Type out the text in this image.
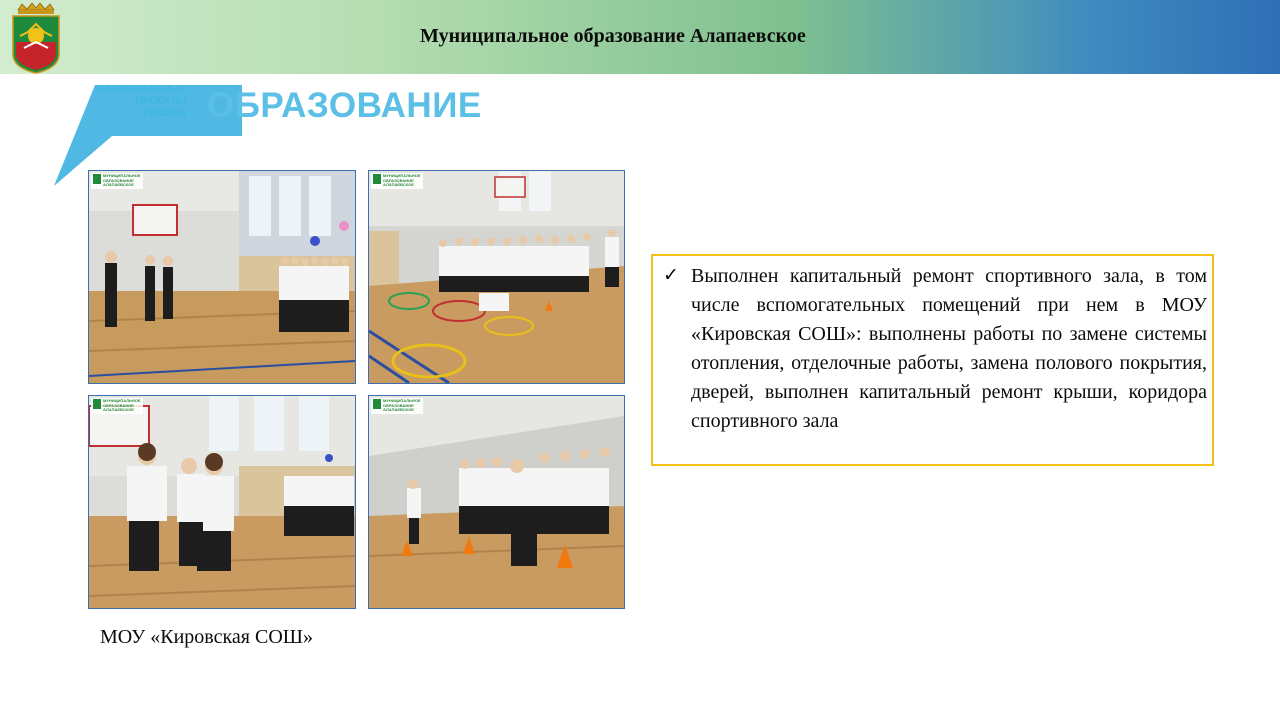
Муниципальное образование Алапаевское
НАЦИОНАЛЬНЫЕ
ПРОЕКТЫ
РОССИИ ОБРАЗОВАНИЕ
МУНИЦИПАЛЬНОЕ
ОБРАЗОВАНИЕ
АЛАПАЕВСКОЕ
МУНИЦИПАЛЬНОЕ
ОБРАЗОВАНИЕ
АЛАПАЕВСКОЕ
МУНИЦИПАЛЬНОЕ
ОБРАЗОВАНИЕ
АЛАПАЕВСКОЕ
МУНИЦИПАЛЬНОЕ
ОБРАЗОВАНИЕ
АЛАПАЕВСКОЕ
МОУ «Кировская СОШ»
✓ Выполнен капитальный ремонт спортивного зала, в том числе вспомогательных помещений при нем в МОУ «Кировская СОШ»: выполнены работы по замене системы отопления, отделочные работы, замена полового покрытия, дверей, выполнен капитальный ремонт крыши, коридора спортивного зала
